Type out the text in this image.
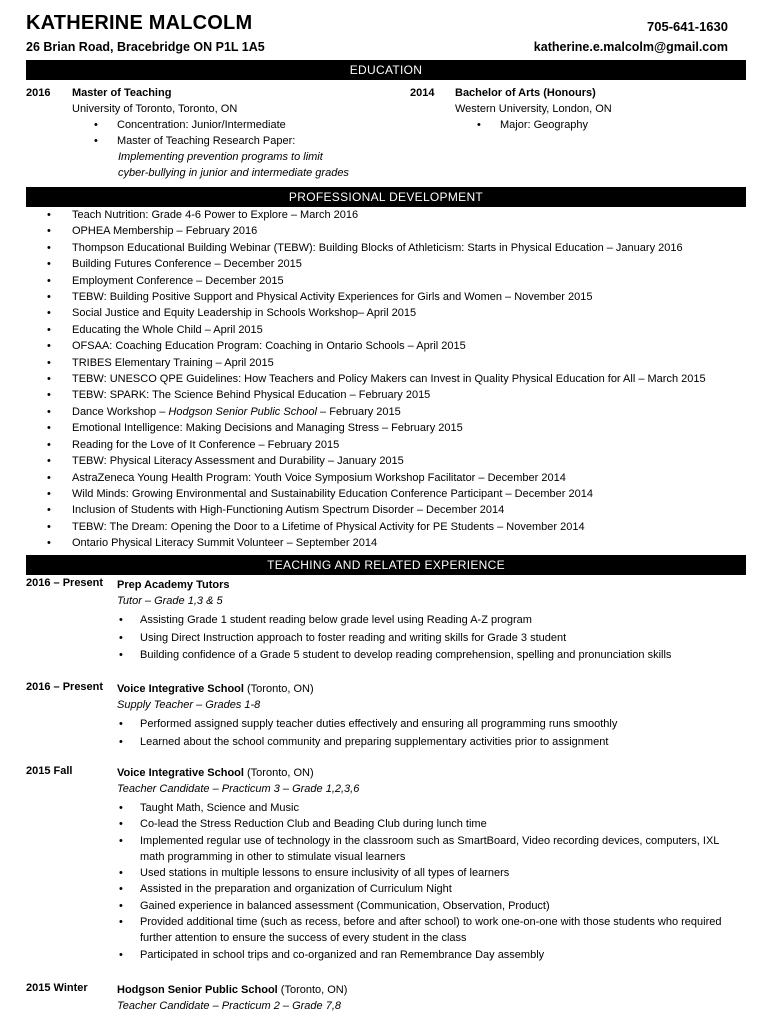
KATHERINE MALCOLM	705-641-1630
26 Brian Road, Bracebridge ON P1L 1A5	katherine.e.malcolm@gmail.com
EDUCATION
2016 Master of Teaching
University of Toronto, Toronto, ON
• Concentration: Junior/Intermediate
• Master of Teaching Research Paper:
Implementing prevention programs to limit
cyber-bullying in junior and intermediate grades
2014 Bachelor of Arts (Honours)
Western University, London, ON
• Major: Geography
PROFESSIONAL DEVELOPMENT
• Teach Nutrition: Grade 4-6 Power to Explore – March 2016
• OPHEA Membership – February 2016
• Thompson Educational Building Webinar (TEBW): Building Blocks of Athleticism: Starts in Physical Education – January 2016
• Building Futures Conference – December 2015
• Employment Conference – December 2015
• TEBW: Building Positive Support and Physical Activity Experiences for Girls and Women – November 2015
• Social Justice and Equity Leadership in Schools Workshop– April 2015
• Educating the Whole Child – April 2015
• OFSAA: Coaching Education Program: Coaching in Ontario Schools – April 2015
• TRIBES Elementary Training – April 2015
• TEBW: UNESCO QPE Guidelines: How Teachers and Policy Makers can Invest in Quality Physical Education for All – March 2015
• TEBW: SPARK: The Science Behind Physical Education – February 2015
• Dance Workshop – Hodgson Senior Public School – February 2015
• Emotional Intelligence: Making Decisions and Managing Stress – February 2015
• Reading for the Love of It Conference – February 2015
• TEBW: Physical Literacy Assessment and Durability – January 2015
• AstraZeneca Young Health Program: Youth Voice Symposium Workshop Facilitator – December 2014
• Wild Minds: Growing Environmental and Sustainability Education Conference Participant – December 2014
• Inclusion of Students with High-Functioning Autism Spectrum Disorder – December 2014
• TEBW: The Dream: Opening the Door to a Lifetime of Physical Activity for PE Students – November 2014
• Ontario Physical Literacy Summit Volunteer – September 2014
TEACHING AND RELATED EXPERIENCE
2016 – Present Prep Academy Tutors
Tutor – Grade 1,3 & 5
• Assisting Grade 1 student reading below grade level using Reading A-Z program
• Using Direct Instruction approach to foster reading and writing skills for Grade 3 student
• Building confidence of a Grade 5 student to develop reading comprehension, spelling and pronunciation skills
2016 – Present Voice Integrative School (Toronto, ON)
Supply Teacher – Grades 1-8
• Performed assigned supply teacher duties effectively and ensuring all programming runs smoothly
• Learned about the school community and preparing supplementary activities prior to assignment
2015 Fall	Voice Integrative School (Toronto, ON)
Teacher Candidate – Practicum 3 – Grade 1,2,3,6
• Taught Math, Science and Music
• Co-lead the Stress Reduction Club and Beading Club during lunch time
• Implemented regular use of technology in the classroom such as SmartBoard, Video recording devices, computers, IXL math programming in other to stimulate visual learners
• Used stations in multiple lessons to ensure inclusivity of all types of learners
• Assisted in the preparation and organization of Curriculum Night
• Gained experience in balanced assessment (Communication, Observation, Product)
• Provided additional time (such as recess, before and after school) to work one-on-one with those students who required further attention to ensure the success of every student in the class
• Participated in school trips and co-organized and ran Remembrance Day assembly
2015 Winter	Hodgson Senior Public School (Toronto, ON)
Teacher Candidate – Practicum 2 – Grade 7,8
